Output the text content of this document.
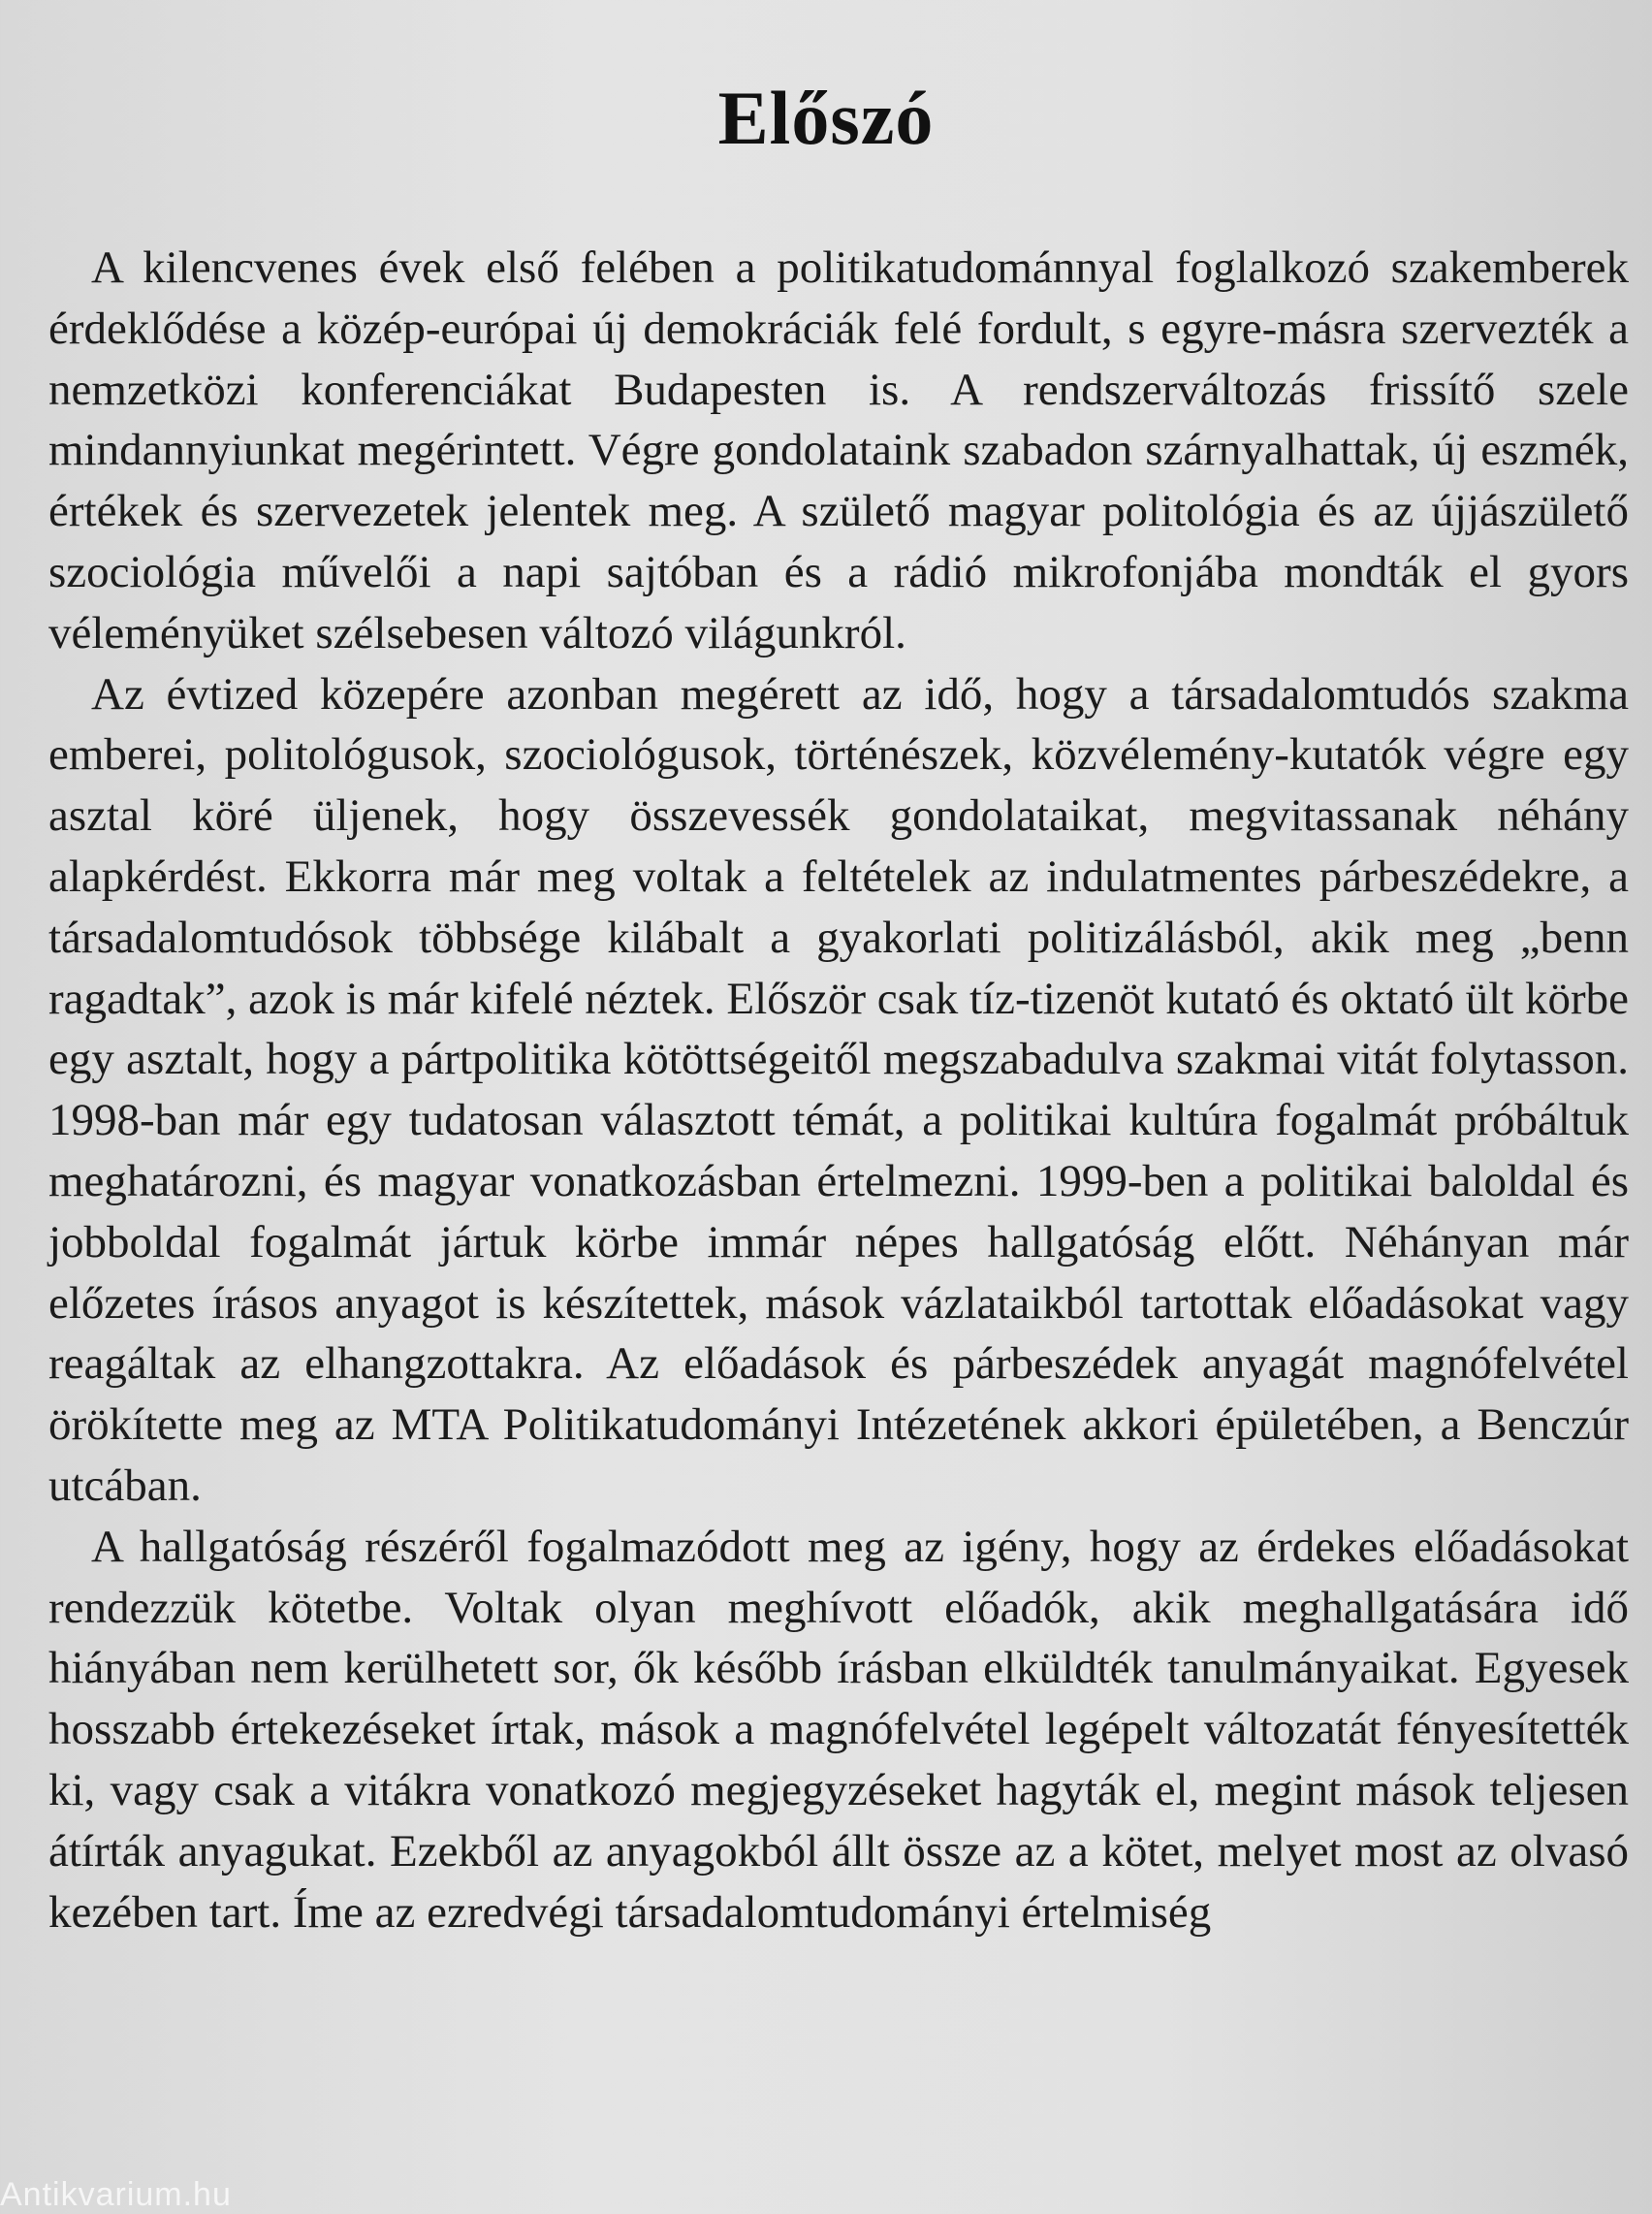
Előszó

A kilencvenes évek első felében a politikatudománnyal foglalkozó szakemberek érdeklődése a közép-európai új demokráciák felé fordult, s egyre-másra szervezték a nemzetközi konferenciákat Budapesten is. A rendszerváltozás frissítő szele mindannyiunkat megérintett. Végre gondolataink szabadon szárnyalhattak, új eszmék, értékek és szervezetek jelentek meg. A születő magyar politológia és az újjászülető szociológia művelői a napi sajtóban és a rádió mikrofonjába mondták el gyors véleményüket szélsebesen változó világunkról.

Az évtized közepére azonban megérett az idő, hogy a társadalomtudós szakma emberei, politológusok, szociológusok, történészek, közvélemény-kutatók végre egy asztal köré üljenek, hogy összevessék gondolataikat, megvitassanak néhány alapkérdést. Ekkorra már meg voltak a feltételek az indulatmentes párbeszédekre, a társadalomtudósok többsége kilábalt a gyakorlati politizálásból, akik meg „benn ragadtak”, azok is már kifelé néztek. Először csak tíz-tizenöt kutató és oktató ült körbe egy asztalt, hogy a pártpolitika kötöttségeitől megszabadulva szakmai vitát folytasson. 1998-ban már egy tudatosan választott témát, a politikai kultúra fogalmát próbáltuk meghatározni, és magyar vonatkozásban értelmezni. 1999-ben a politikai baloldal és jobboldal fogalmát jártuk körbe immár népes hallgatóság előtt. Néhányan már előzetes írásos anyagot is készítettek, mások vázlataikból tartottak előadásokat vagy reagáltak az elhangzottakra. Az előadások és párbeszédek anyagát magnófelvétel örökítette meg az MTA Politikatudományi Intézetének akkori épületében, a Benczúr utcában.

A hallgatóság részéről fogalmazódott meg az igény, hogy az érdekes előadásokat rendezzük kötetbe. Voltak olyan meghívott előadók, akik meghallgatására idő hiányában nem kerülhetett sor, ők később írásban elküldték tanulmányaikat. Egyesek hosszabb értekezéseket írtak, mások a magnófelvétel legépelt változatát fényesítették ki, vagy csak a vitákra vonatkozó megjegyzéseket hagyták el, megint mások teljesen átírták anyagukat. Ezekből az anyagokból állt össze az a kötet, melyet most az olvasó kezében tart. Íme az ezredvégi társadalomtudományi értelmiség

Antikvarium.hu
